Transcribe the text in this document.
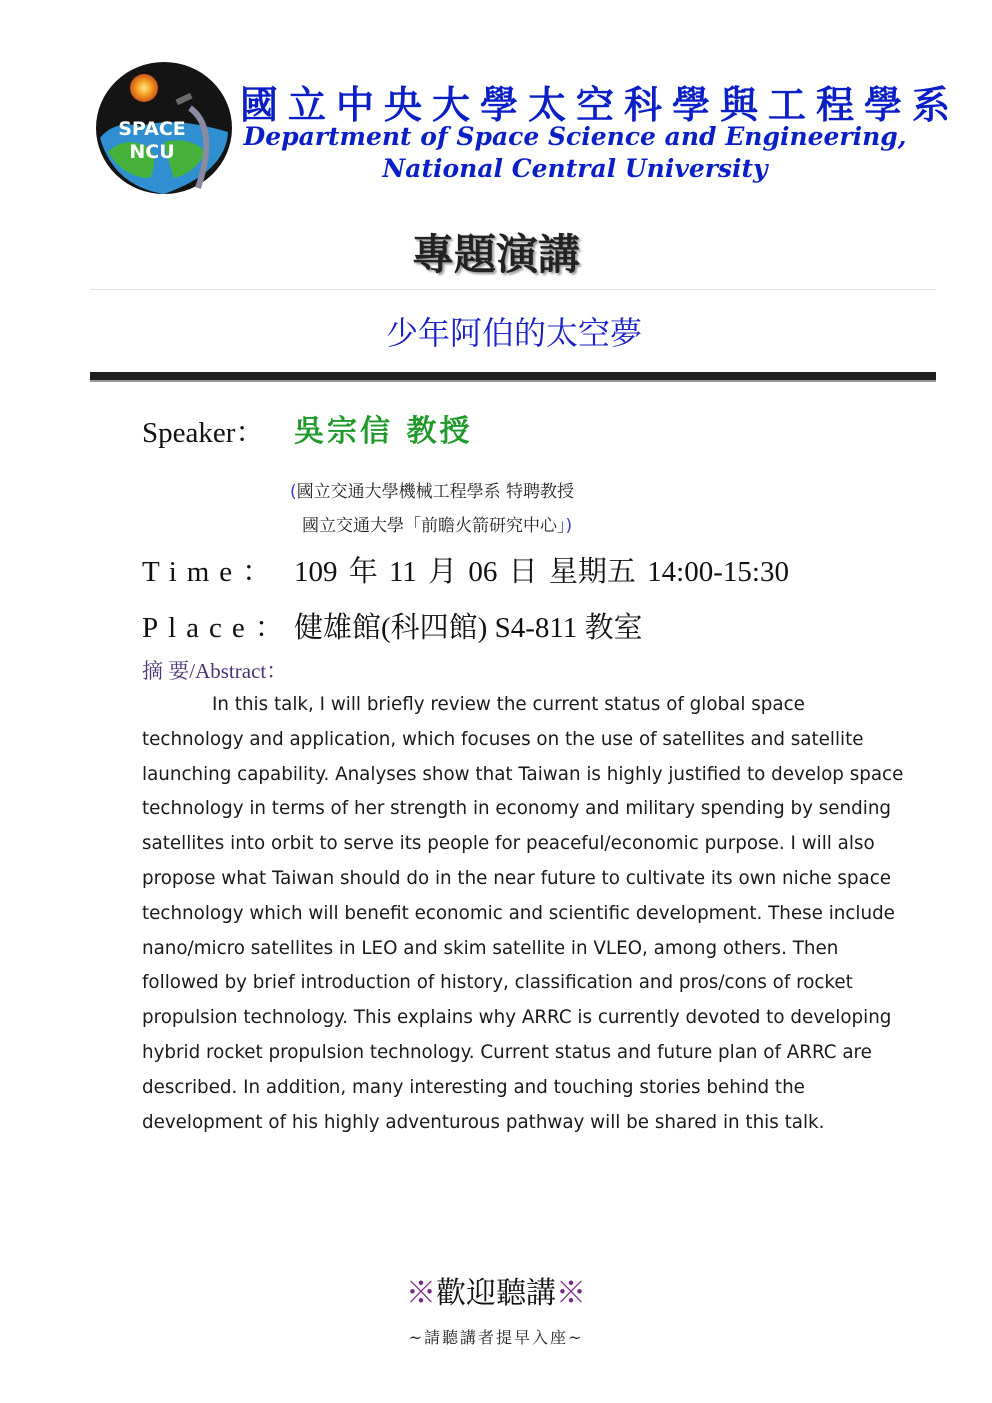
SPACE
NCU
國立中央大學太空科學與工程學系
Department of Space Science and Engineering,
National Central University
專題演講
少年阿伯的太空夢
Speaker： 吳宗信 教授
(國立交通大學機械工程學系 特聘教授
國立交通大學「前瞻火箭研究中心」)
Time： 109 年 11 月 06 日 星期五 14:00-15:30
Place： 健雄館(科四館) S4-811 教室
摘 要/Abstract：

In this talk, I will briefly review the current status of global space technology and application, which focuses on the use of satellites and satellite launching capability. Analyses show that Taiwan is highly justified to develop space technology in terms of her strength in economy and military spending by sending satellites into orbit to serve its people for peaceful/economic purpose. I will also propose what Taiwan should do in the near future to cultivate its own niche space technology which will benefit economic and scientific development. These include nano/micro satellites in LEO and skim satellite in VLEO, among others. Then followed by brief introduction of history, classification and pros/cons of rocket propulsion technology. This explains why ARRC is currently devoted to developing hybrid rocket propulsion technology. Current status and future plan of ARRC are described. In addition, many interesting and touching stories behind the development of his highly adventurous pathway will be shared in this talk.

※歡迎聽講※
~請聽講者提早入座~
